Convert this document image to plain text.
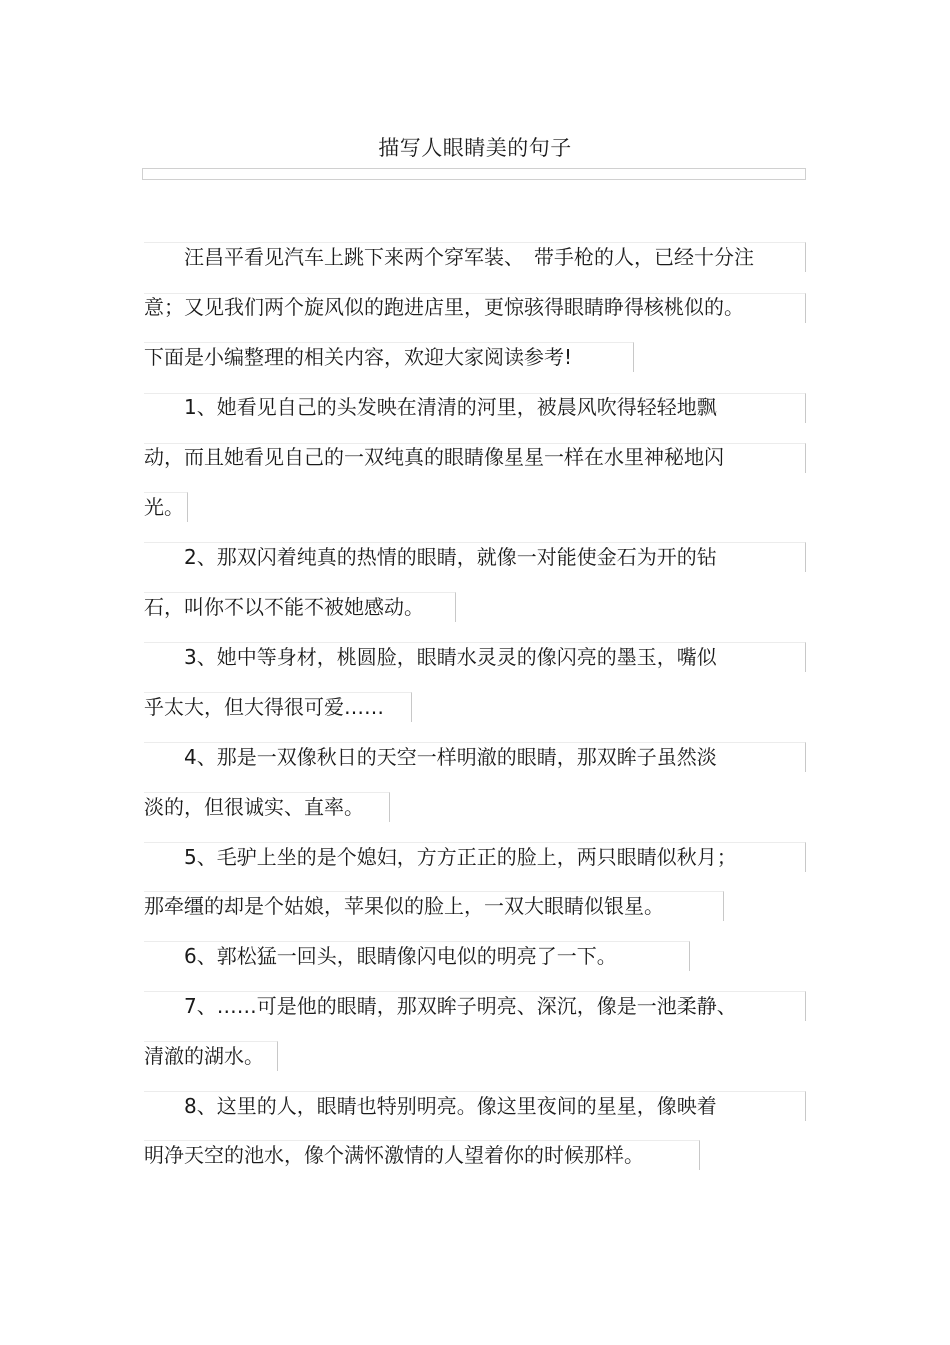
描写人眼睛美的句子
　　汪昌平看见汽车上跳下来两个穿军装、　带手枪的人，已经十分注
意；又见我们两个旋风似的跑进店里，更惊骇得眼睛睁得核桃似的。
下面是小编整理的相关内容，欢迎大家阅读参考!
　　1、她看见自己的头发映在清清的河里，被晨风吹得轻轻地飘
动，而且她看见自己的一双纯真的眼睛像星星一样在水里神秘地闪
光。
　　2、那双闪着纯真的热情的眼睛，就像一对能使金石为开的钻
石，叫你不以不能不被她感动。
　　3、她中等身材，桃圆脸，眼睛水灵灵的像闪亮的墨玉，嘴似
乎太大，但大得很可爱……
　　4、那是一双像秋日的天空一样明澈的眼睛，那双眸子虽然淡
淡的，但很诚实、直率。
　　5、毛驴上坐的是个媳妇，方方正正的脸上，两只眼睛似秋月；
那牵缰的却是个姑娘，苹果似的脸上，一双大眼睛似银星。
　　6、郭松猛一回头，眼睛像闪电似的明亮了一下。
　　7、……可是他的眼睛，那双眸子明亮、深沉，像是一池柔静、
清澈的湖水。
　　8、这里的人，眼睛也特别明亮。像这里夜间的星星，像映着
明净天空的池水，像个满怀激情的人望着你的时候那样。
